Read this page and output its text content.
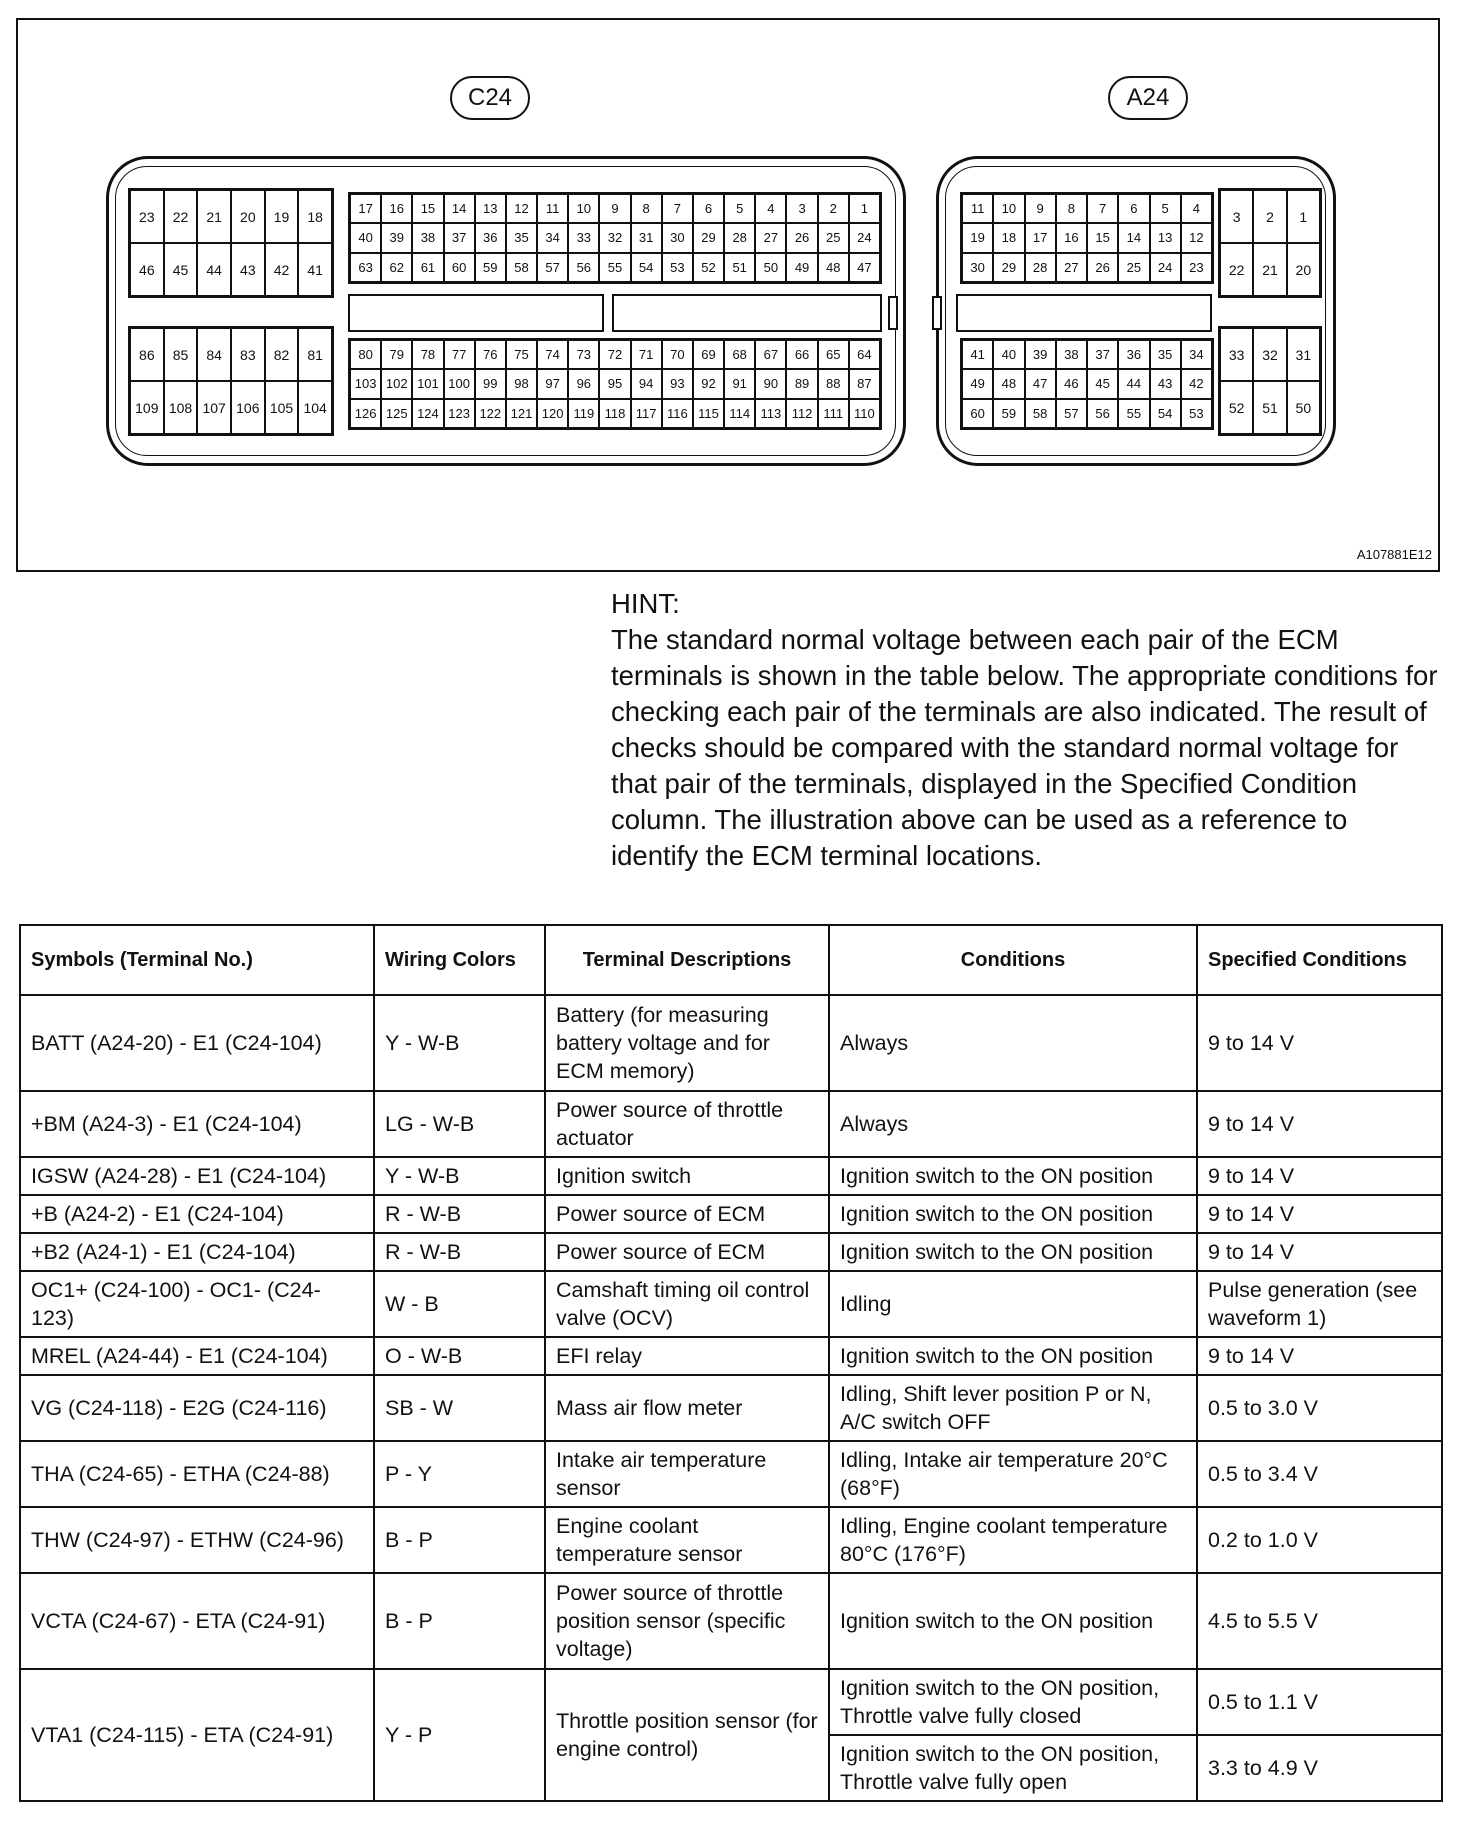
C24	A24
23	22	21	20	19	18
46	45	44	43	42	41
17	16	15	14	13	12	11	10	9	8	7	6	5	4	3	2	1
40	39	38	37	36	35	34	33	32	31	30	29	28	27	26	25	24
63	62	61	60	59	58	57	56	55	54	53	52	51	50	49	48	47
86	85	84	83	82	81
109 108 107 106 105 104
80	79	78	77	76	75	74	73	72	71	70	69	68	67	66	65	64
103 102 101 100	99	98	97	96	95	94	93	92	91	90	89	88	87
126 125 124 123 122 121 120 119 118 117 116 115 114 113 112 111 110
11	10	9	8	7	6	5	4
19	18	17	16	15	14	13	12
30	29	28	27	26	25	24	23
3	2	1
22	21	20
41	40	39	38	37	36	35	34
49	48	47	46	45	44	43	42
60	59	58	57	56	55	54	53
33	32	31
52	51	50
A107881E12

HINT:

The standard normal voltage between each pair of the ECM terminals is shown in the table below. The appropriate conditions for checking each pair of the terminals are also indicated. The result of checks should be compared with the standard normal voltage for that pair of the terminals, displayed in the Specified Condition column. The illustration above can be used as a reference to identify the ECM terminal locations.

Symbols (Terminal No.)	Wiring Colors	Terminal Descriptions	Conditions	Specified Conditions
BATT (A24-20) - E1 (C24-104)	Y - W-B	Battery (for measuring battery voltage and for ECM memory)	Always	9 to 14 V
+BM (A24-3) - E1 (C24-104)	LG - W-B	Power source of throttle actuator	Always	9 to 14 V
IGSW (A24-28) - E1 (C24-104)	Y - W-B	Ignition switch	Ignition switch to the ON position	9 to 14 V
+B (A24-2) - E1 (C24-104)	R - W-B	Power source of ECM	Ignition switch to the ON position	9 to 14 V
+B2 (A24-1) - E1 (C24-104)	R - W-B	Power source of ECM	Ignition switch to the ON position	9 to 14 V
OC1+ (C24-100) - OC1- (C24-123)	W - B	Camshaft timing oil control valve (OCV)	Idling	Pulse generation (see waveform 1)
MREL (A24-44) - E1 (C24-104)	O - W-B	EFI relay	Ignition switch to the ON position	9 to 14 V
VG (C24-118) - E2G (C24-116)	SB - W	Mass air flow meter	Idling, Shift lever position P or N, A/C switch OFF	0.5 to 3.0 V
THA (C24-65) - ETHA (C24-88)	P - Y	Intake air temperature sensor	Idling, Intake air temperature 20°C (68°F)	0.5 to 3.4 V
THW (C24-97) - ETHW (C24-96)	B - P	Engine coolant temperature sensor	Idling, Engine coolant temperature 80°C (176°F)	0.2 to 1.0 V
VCTA (C24-67) - ETA (C24-91)	B - P	Power source of throttle position sensor (specific voltage)	Ignition switch to the ON position	4.5 to 5.5 V
VTA1 (C24-115) - ETA (C24-91)	Y - P	Throttle position sensor (for engine control)	Ignition switch to the ON position, Throttle valve fully closed	0.5 to 1.1 V
			Ignition switch to the ON position, Throttle valve fully open	3.3 to 4.9 V
